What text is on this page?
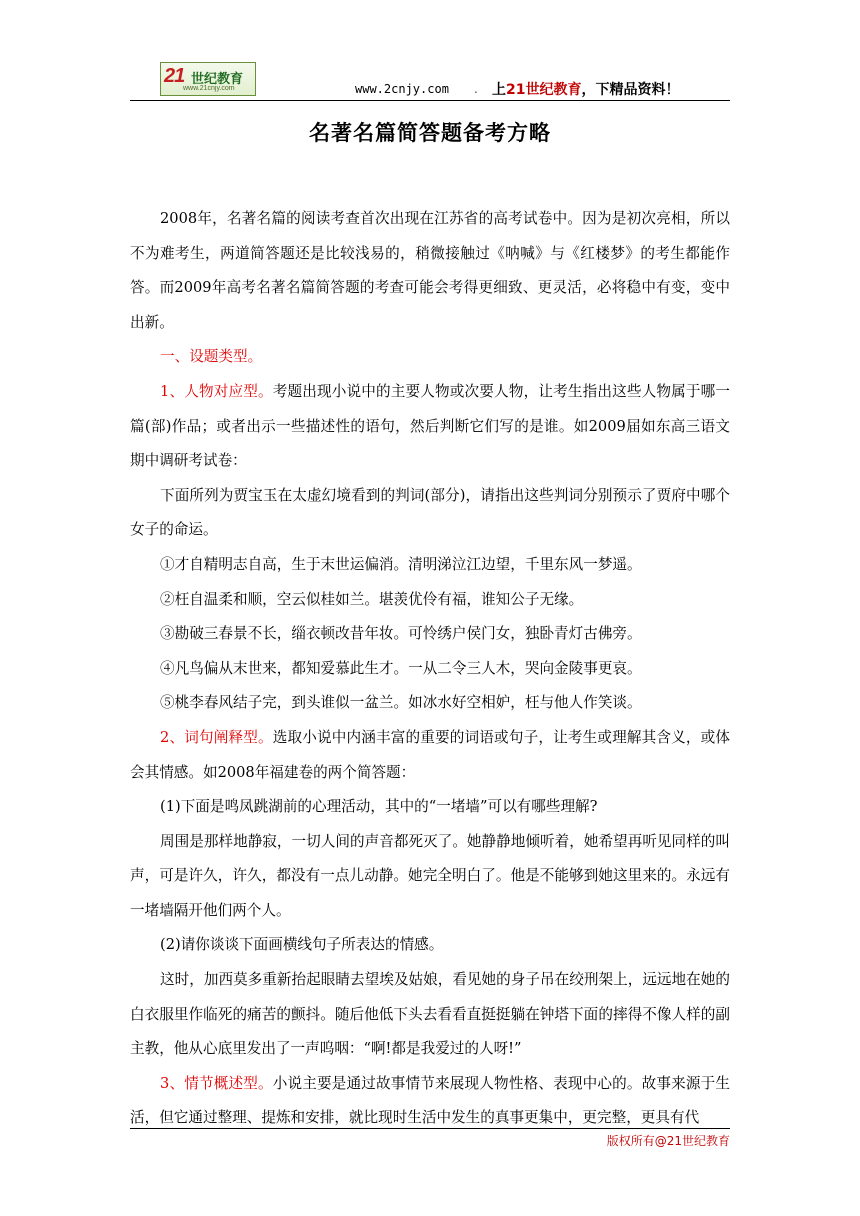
21 世纪教育
www.21cnjy.com	www.2cnjy.com . 上21世纪教育，下精品资料！
名著名篇简答题备考方略

2008年，名著名篇的阅读考查首次出现在江苏省的高考试卷中。因为是初次亮相，所以不为难考生，两道简答题还是比较浅易的，稍微接触过《呐喊》与《红楼梦》的考生都能作答。而2009年高考名著名篇简答题的考查可能会考得更细致、更灵活，必将稳中有变，变中出新。

一、设题类型。

1、人物对应型。考题出现小说中的主要人物或次要人物，让考生指出这些人物属于哪一篇(部)作品；或者出示一些描述性的语句，然后判断它们写的是谁。如2009届如东高三语文期中调研考试卷：

下面所列为贾宝玉在太虚幻境看到的判词(部分)，请指出这些判词分别预示了贾府中哪个女子的命运。

①才自精明志自高，生于末世运偏消。清明涕泣江边望，千里东风一梦遥。

②枉自温柔和顺，空云似桂如兰。堪羡优伶有福，谁知公子无缘。

③勘破三春景不长，缁衣顿改昔年妆。可怜绣户侯门女，独卧青灯古佛旁。

④凡鸟偏从末世来，都知爱慕此生才。一从二令三人木，哭向金陵事更哀。

⑤桃李春风结子完，到头谁似一盆兰。如冰水好空相妒，枉与他人作笑谈。

2、词句阐释型。选取小说中内涵丰富的重要的词语或句子，让考生或理解其含义，或体会其情感。如2008年福建卷的两个简答题：

(1)下面是鸣凤跳湖前的心理活动，其中的“一堵墙”可以有哪些理解?

周围是那样地静寂，一切人间的声音都死灭了。她静静地倾听着，她希望再听见同样的叫声，可是许久，许久，都没有一点儿动静。她完全明白了。他是不能够到她这里来的。永远有一堵墙隔开他们两个人。

(2)请你谈谈下面画横线句子所表达的情感。

这时，加西莫多重新抬起眼睛去望埃及姑娘，看见她的身子吊在绞刑架上，远远地在她的白衣服里作临死的痛苦的颤抖。随后他低下头去看看直挺挺躺在钟塔下面的摔得不像人样的副主教，他从心底里发出了一声呜咽：“啊!都是我爱过的人呀!”

3、情节概述型。小说主要是通过故事情节来展现人物性格、表现中心的。故事来源于生活，但它通过整理、提炼和安排，就比现时生活中发生的真事更集中，更完整，更具有代

版权所有@21世纪教育
